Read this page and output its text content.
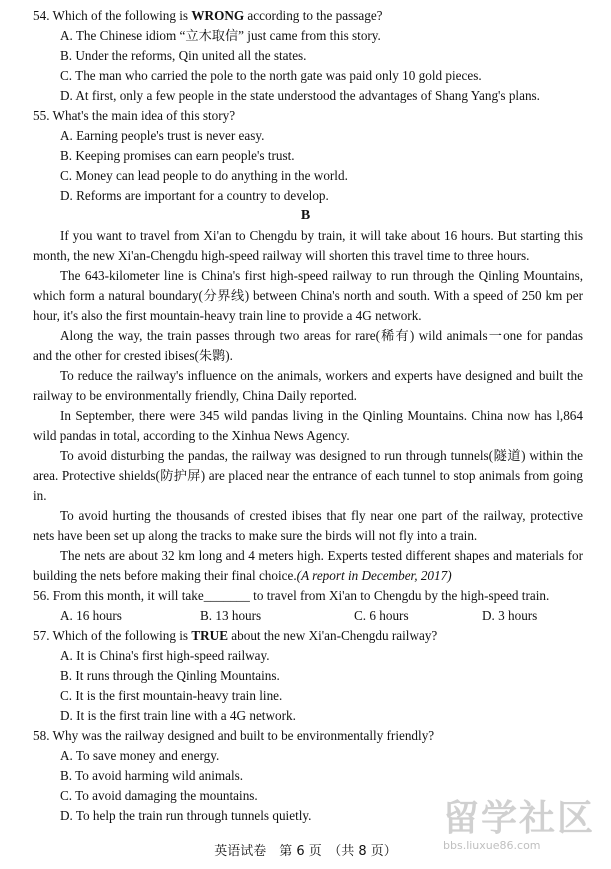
54. Which of the following is WRONG according to the passage?
A. The Chinese idiom “立木取信” just came from this story.
B. Under the reforms, Qin united all the states.
C. The man who carried the pole to the north gate was paid only 10 gold pieces.
D. At first, only a few people in the state understood the advantages of Shang Yang's plans.
55. What's the main idea of this story?
A. Earning people's trust is never easy.
B. Keeping promises can earn people's trust.
C. Money can lead people to do anything in the world.
D. Reforms are important for a country to develop.
B
If you want to travel from Xi'an to Chengdu by train, it will take about 16 hours. But starting this month, the new Xi'an-Chengdu high-speed railway will shorten this travel time to three hours.
The 643-kilometer line is China's first high-speed railway to run through the Qinling Mountains, which form a natural boundary(分界线) between China's north and south. With a speed of 250 km per hour, it's also the first mountain-heavy train line to provide a 4G network.
Along the way, the train passes through two areas for rare(稀有) wild animals一one for pandas and the other for crested ibises(朱鹮).
To reduce the railway's influence on the animals, workers and experts have designed and built the railway to be environmentally friendly, China Daily reported.
In September, there were 345 wild pandas living in the Qinling Mountains. China now has l,864 wild pandas in total, according to the Xinhua News Agency.
To avoid disturbing the pandas, the railway was designed to run through tunnels(隧道) within the area. Protective shields(防护屏) are placed near the entrance of each tunnel to stop animals from going in.
To avoid hurting the thousands of crested ibises that fly near one part of the railway, protective nets have been set up along the tracks to make sure the birds will not fly into a train.
The nets are about 32 km long and 4 meters high. Experts tested different shapes and materials for building the nets before making their final choice.(A report in December, 2017)
56. From this month, it will take_______ to travel from Xi'an to Chengdu by the high-speed train.
A. 16 hours	B. 13 hours	C. 6 hours	D. 3 hours
57. Which of the following is TRUE about the new Xi'an-Chengdu railway?
A. It is China's first high-speed railway.
B. It runs through the Qinling Mountains.
C. It is the first mountain-heavy train line.
D. It is the first train line with a 4G network.
58. Why was the railway designed and built to be environmentally friendly?
A. To save money and energy.
B. To avoid harming wild animals.
C. To avoid damaging the mountains.
D. To help the train run through tunnels quietly.
英语试卷　第 6 页　（共 8 页）
留学社区
bbs.liuxue86.com
